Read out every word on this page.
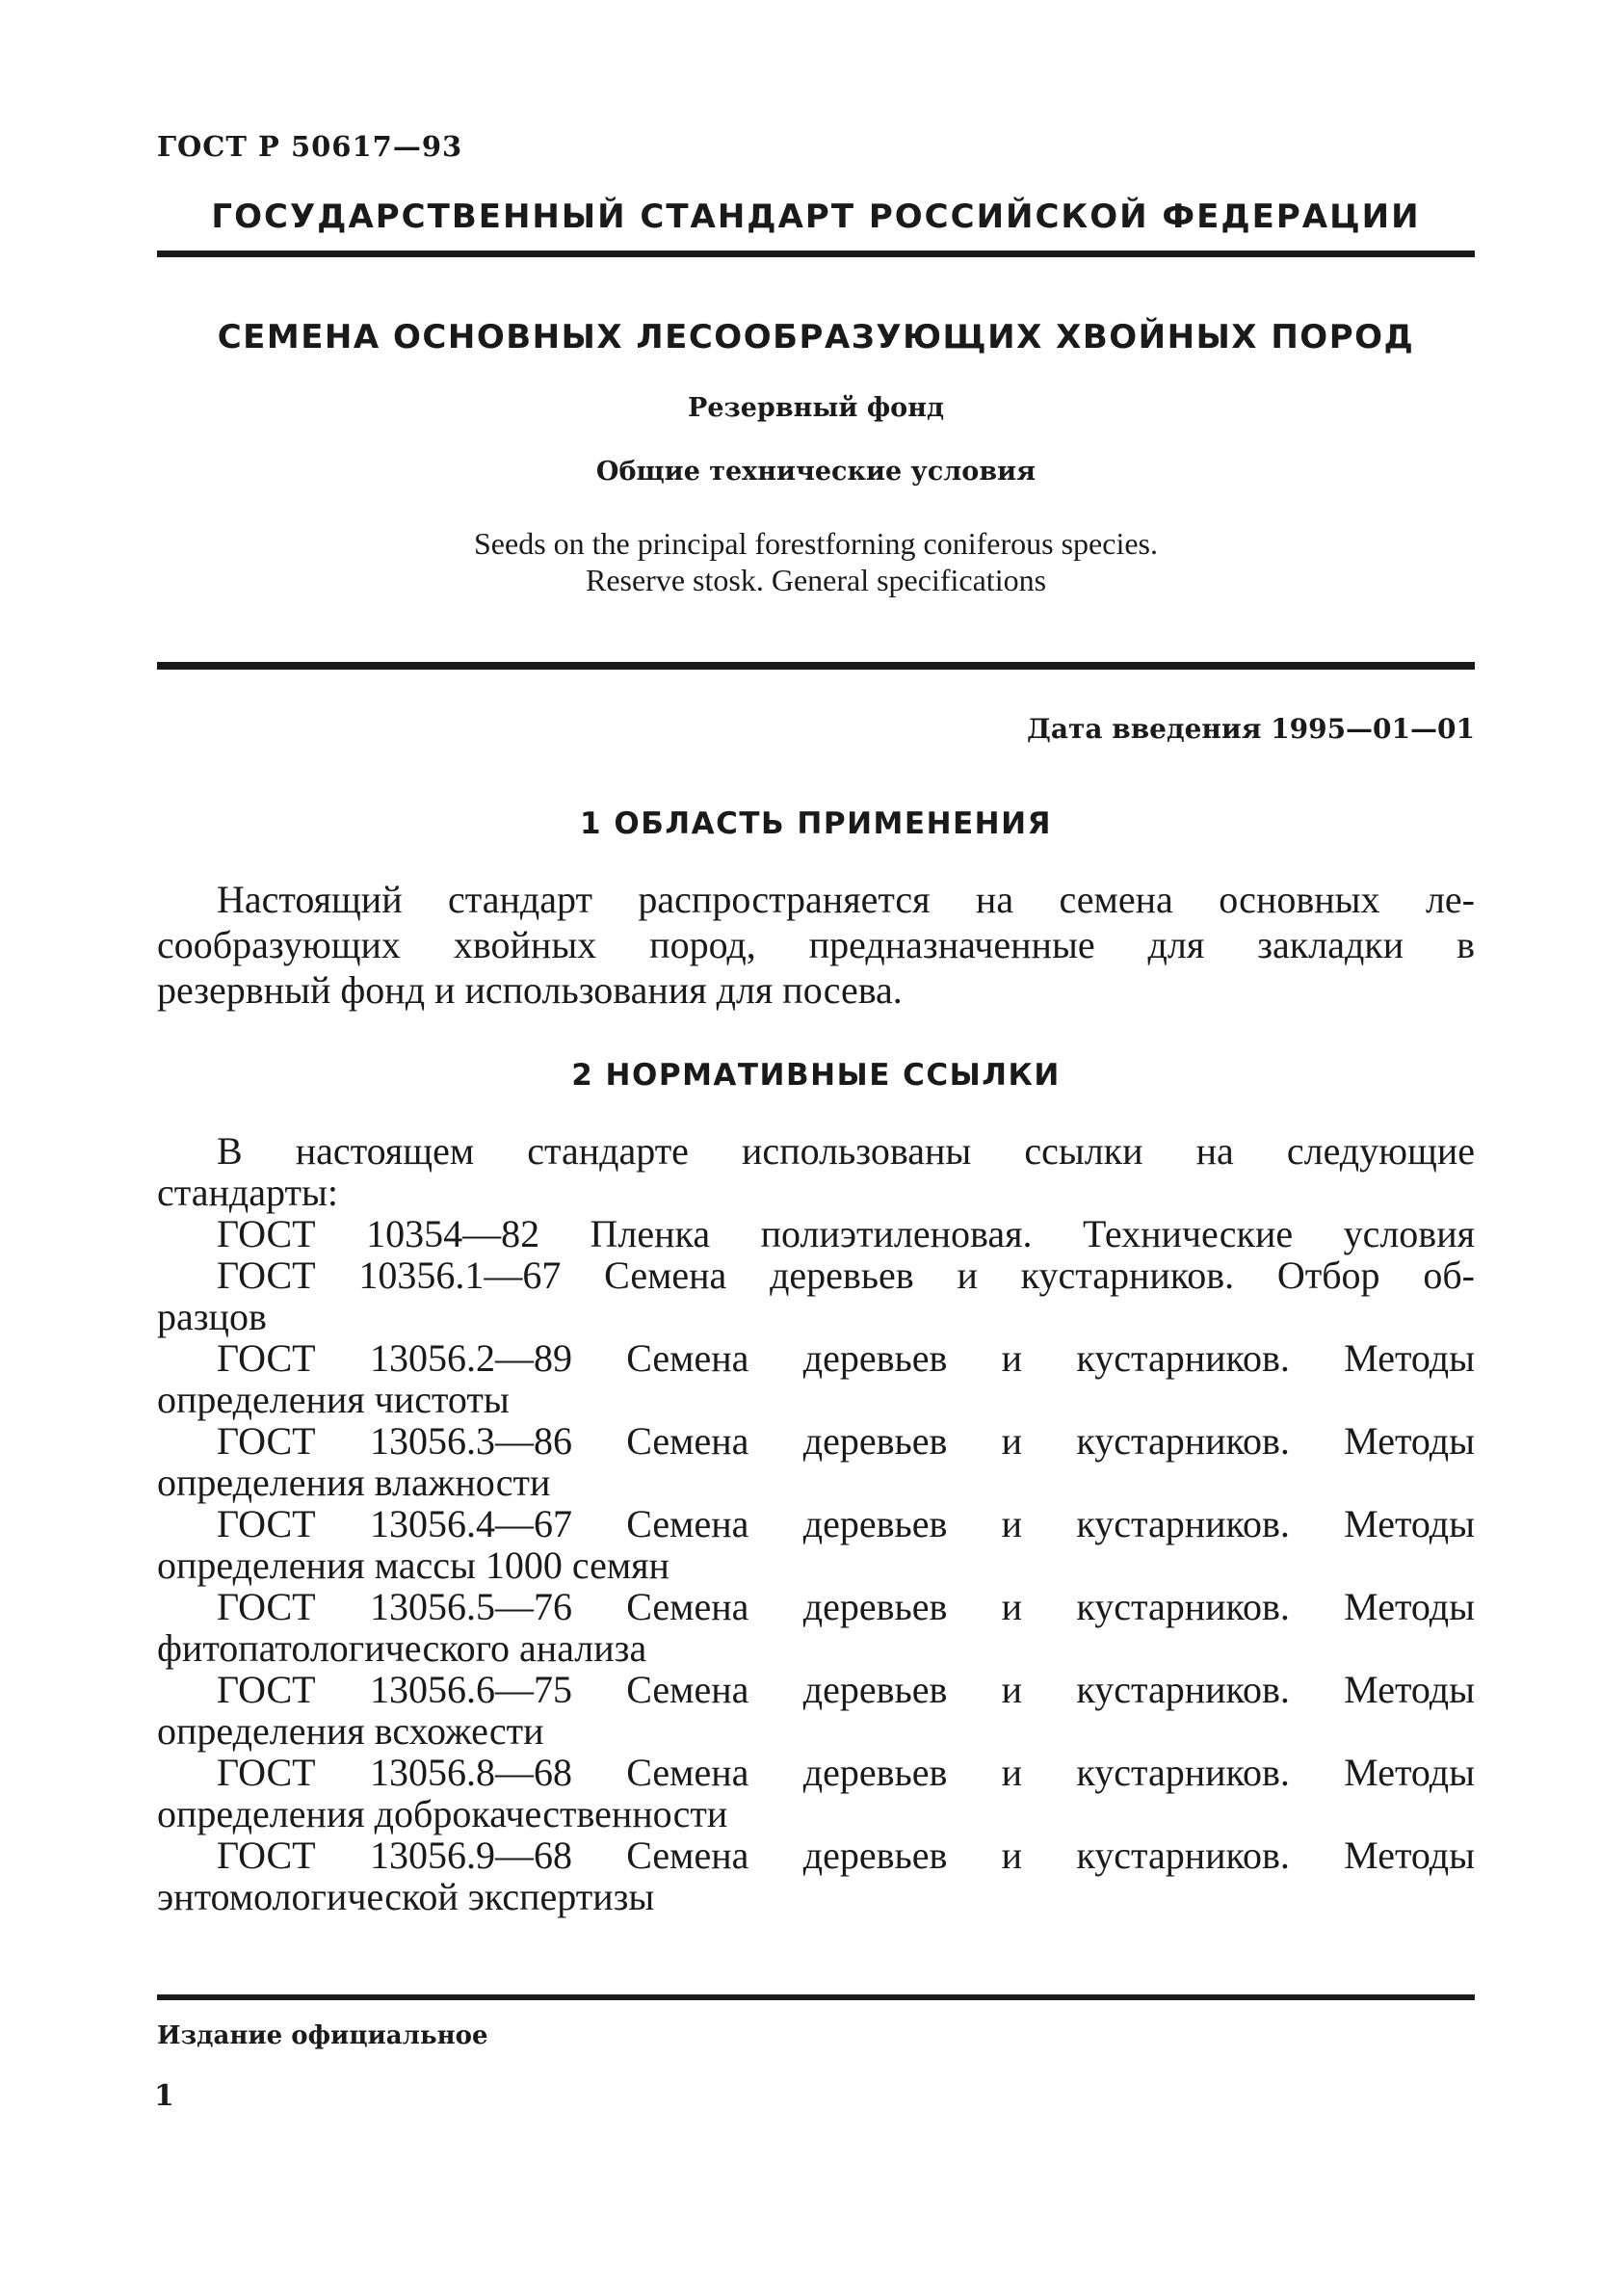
ГОСТ Р 50617—93
ГОСУДАРСТВЕННЫЙ СТАНДАРТ РОССИЙСКОЙ ФЕДЕРАЦИИ
СЕМЕНА ОСНОВНЫХ ЛЕСООБРАЗУЮЩИХ ХВОЙНЫХ ПОРОД
Резервный фонд
Общие технические условия
Seeds on the principal forestforning coniferous species.
Reserve stosk. General specifications
Дата введения 1995—01—01
1 ОБЛАСТЬ ПРИМЕНЕНИЯ
Настоящий стандарт распространяется на семена основных ле-
сообразующих хвойных пород, предназначенные для закладки в
резервный фонд и использования для посева.
2 НОРМАТИВНЫЕ ССЫЛКИ
В настоящем стандарте использованы ссылки на следующие
стандарты:
ГОСТ 10354—82 Пленка полиэтиленовая. Технические условия
ГОСТ 10356.1—67 Семена деревьев и кустарников. Отбор об-
разцов
ГОСТ 13056.2—89 Семена деревьев и кустарников. Методы
определения чистоты
ГОСТ 13056.3—86 Семена деревьев и кустарников. Методы
определения влажности
ГОСТ 13056.4—67 Семена деревьев и кустарников. Методы
определения массы 1000 семян
ГОСТ 13056.5—76 Семена деревьев и кустарников. Методы
фитопатологического анализа
ГОСТ 13056.6—75 Семена деревьев и кустарников. Методы
определения всхожести
ГОСТ 13056.8—68 Семена деревьев и кустарников. Методы
определения доброкачественности
ГОСТ 13056.9—68 Семена деревьев и кустарников. Методы
энтомологической экспертизы
Издание официальное
1
